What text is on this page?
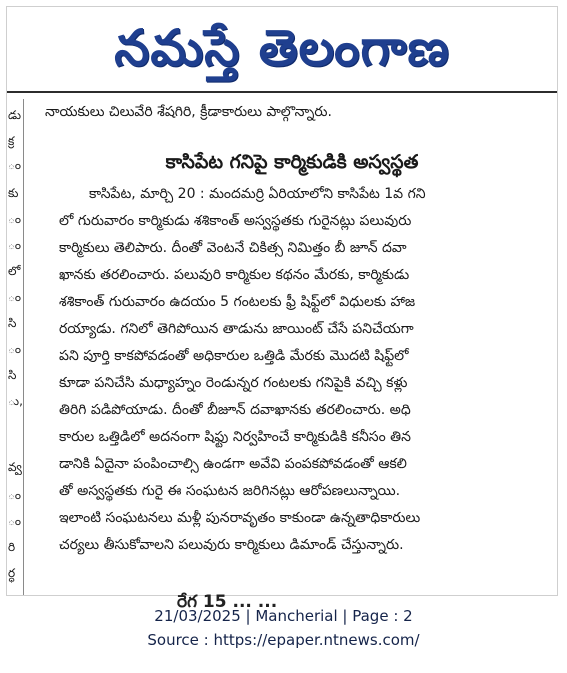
నమస్తే తెలంగాణ
డు
క్ర
ం
కు
ం
ం
లో
ం
సి
ం
సి
ు,
వ్వ
ం
ం
రి
ర్ధ
నాయకులు చిలువేరి శేషగిరి, క్రీడాకారులు పాల్గొన్నారు.
కాసిపేట గనిపై కార్మికుడికి అస్వస్థత
కాసిపేట, మార్చి 20 : మందమర్రి ఏరియాలోని కాసిపేట 1వ గని
లో గురువారం కార్మికుడు శశికాంత్ అస్వస్థతకు గురైనట్లు పలువురు
కార్మికులు తెలిపారు. దీంతో వెంటనే చికిత్స నిమిత్తం బీ జూన్ దవా
ఖానకు తరలించారు. పలువురి కార్మికుల కథనం మేరకు, కార్మికుడు
శశికాంత్ గురువారం ఉదయం 5 గంటలకు ఫ్రీ షిఫ్ట్‌లో విధులకు హాజ
రయ్యాడు. గనిలో తెగిపోయిన తాడును జాయింట్ చేసే పనిచేయగా
పని పూర్తి కాకపోవడంతో అధికారుల ఒత్తిడి మేరకు మొదటి షిఫ్ట్‌లో
కూడా పనిచేసి మధ్యాహ్నం రెండున్నర గంటలకు గనిపైకి వచ్చి కళ్లు
తిరిగి పడిపోయాడు. దీంతో బీజూన్ దవాఖానకు తరలించారు. అధి
కారుల ఒత్తిడిలో అదనంగా షిఫ్టు నిర్వహించే కార్మికుడికి కనీసం తిన
డానికి ఏదైనా పంపించాల్సి ఉండగా అవేవి పంపకపోవడంతో ఆకలి
తో అస్వస్థతకు గురై ఈ సంఘటన జరిగినట్లు ఆరోపణలున్నాయి.
ఇలాంటి సంఘటనలు మళ్లీ పునరావృతం కాకుండా ఉన్నతాధికారులు
చర్యలు తీసుకోవాలని పలువురు కార్మికులు డిమాండ్ చేస్తున్నారు.
రేగ 15 ... ...
21/03/2025 | Mancherial | Page : 2
Source : https://epaper.ntnews.com/
